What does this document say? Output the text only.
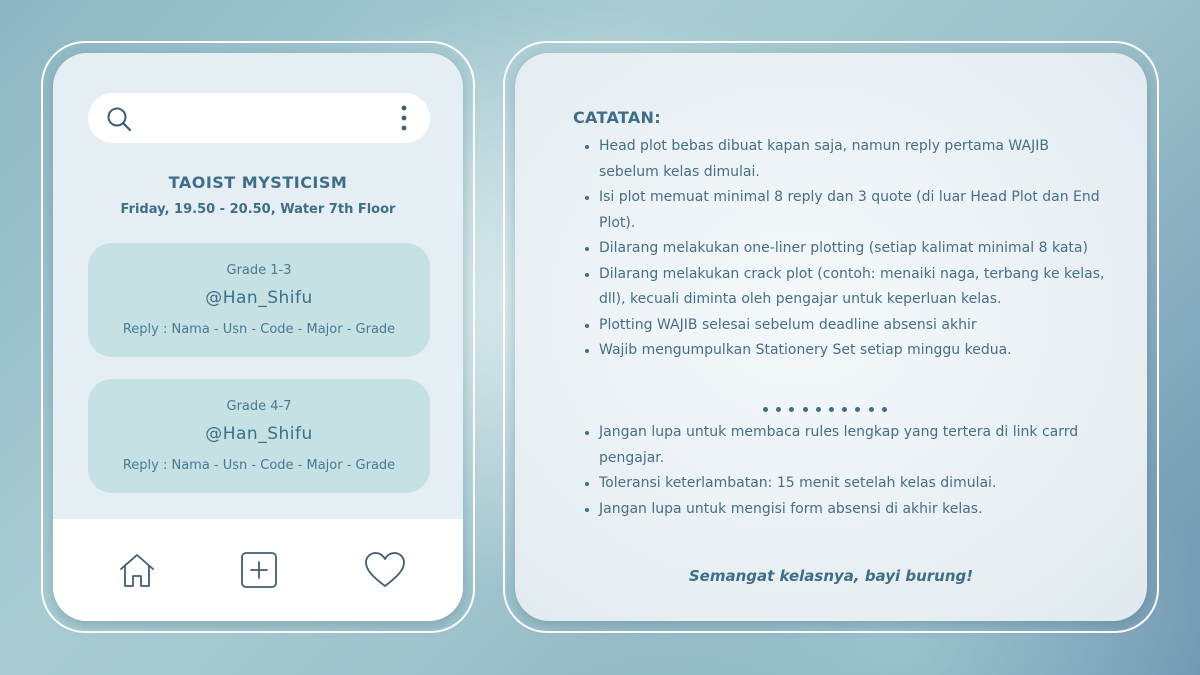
TAOIST MYSTICISM
Friday, 19.50 - 20.50, Water 7th Floor
Grade 1-3
@Han_Shifu
Reply : Nama - Usn - Code - Major - Grade
Grade 4-7
@Han_Shifu
Reply : Nama - Usn - Code - Major - Grade
CATATAN:
• Head plot bebas dibuat kapan saja, namun reply pertama WAJIB sebelum kelas dimulai.
• Isi plot memuat minimal 8 reply dan 3 quote (di luar Head Plot dan End Plot).
• Dilarang melakukan one-liner plotting (setiap kalimat minimal 8 kata)
• Dilarang melakukan crack plot (contoh: menaiki naga, terbang ke kelas, dll), kecuali diminta oleh pengajar untuk keperluan kelas.
• Plotting WAJIB selesai sebelum deadline absensi akhir
• Wajib mengumpulkan Stationery Set setiap minggu kedua.
• Jangan lupa untuk membaca rules lengkap yang tertera di link carrd pengajar.
• Toleransi keterlambatan: 15 menit setelah kelas dimulai.
• Jangan lupa untuk mengisi form absensi di akhir kelas.
Semangat kelasnya, bayi burung!
